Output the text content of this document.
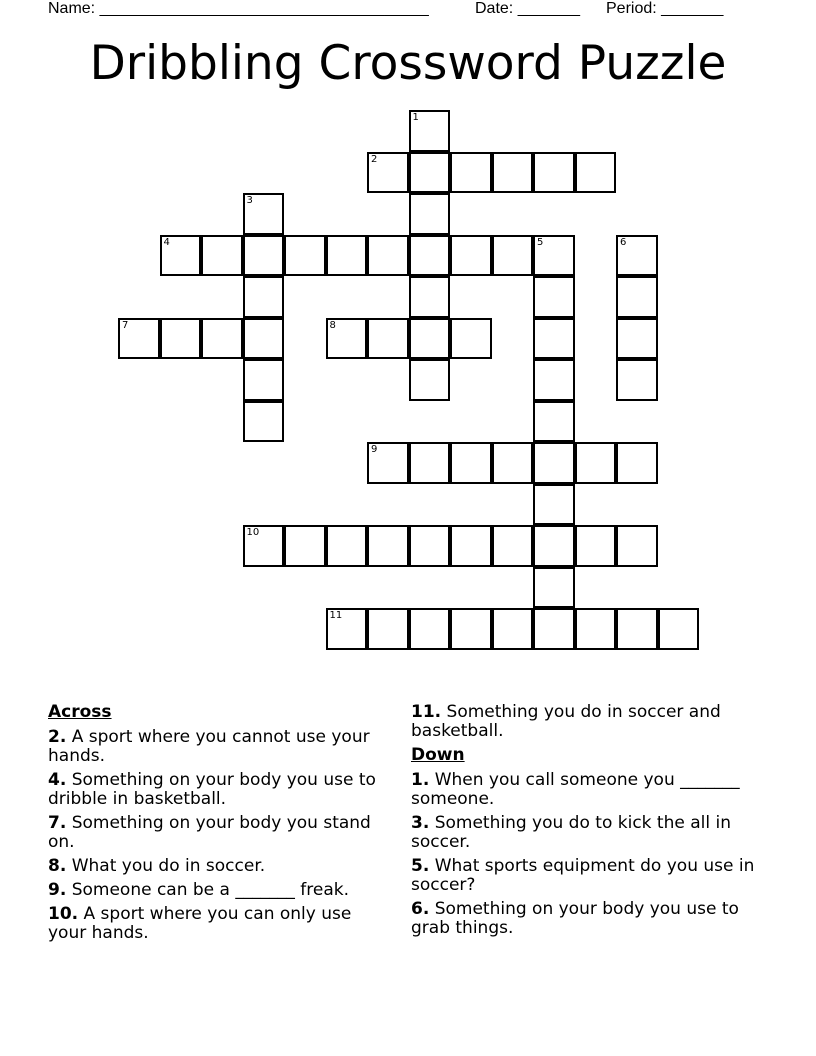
Name: _____________________________________	Date: _______ Period: _______
Dribbling Crossword Puzzle
1
2
3
4	5	6
7	8
9
10
11
Across
2. A sport where you cannot use your hands.
4. Something on your body you use to dribble in basketball.
7. Something on your body you stand on.
8. What you do in soccer.
9. Someone can be a _______ freak.
10. A sport where you can only use your hands.
11. Something you do in soccer and basketball.
Down
1. When you call someone you _______ someone.
3. Something you do to kick the all in soccer.
5. What sports equipment do you use in soccer?
6. Something on your body you use to grab things.
